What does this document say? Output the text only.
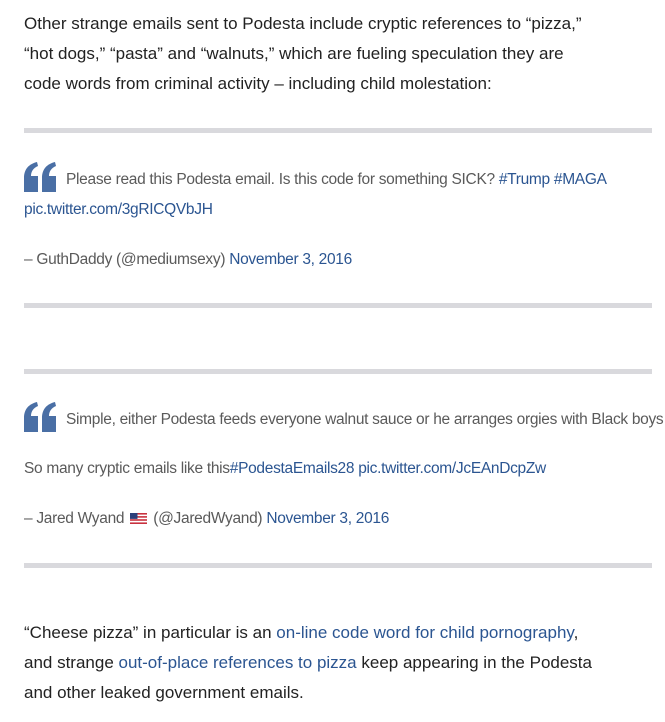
Other strange emails sent to Podesta include cryptic references to “pizza,”
“hot dogs,” “pasta” and “walnuts,” which are fueling speculation they are
code words from criminal activity – including child molestation:
Please read this Podesta email. Is this code for something SICK? #Trump #MAGA
pic.twitter.com/3gRICQVbJH
– GuthDaddy (@mediumsexy) November 3, 2016
Simple, either Podesta feeds everyone walnut sauce or he arranges orgies with Black boys
So many cryptic emails like this#PodestaEmails28 pic.twitter.com/JcEAnDcpZw
– Jared Wyand (@JaredWyand) November 3, 2016
“Cheese pizza” in particular is an on-line code word for child pornography,
and strange out-of-place references to pizza keep appearing in the Podesta
and other leaked government emails.
